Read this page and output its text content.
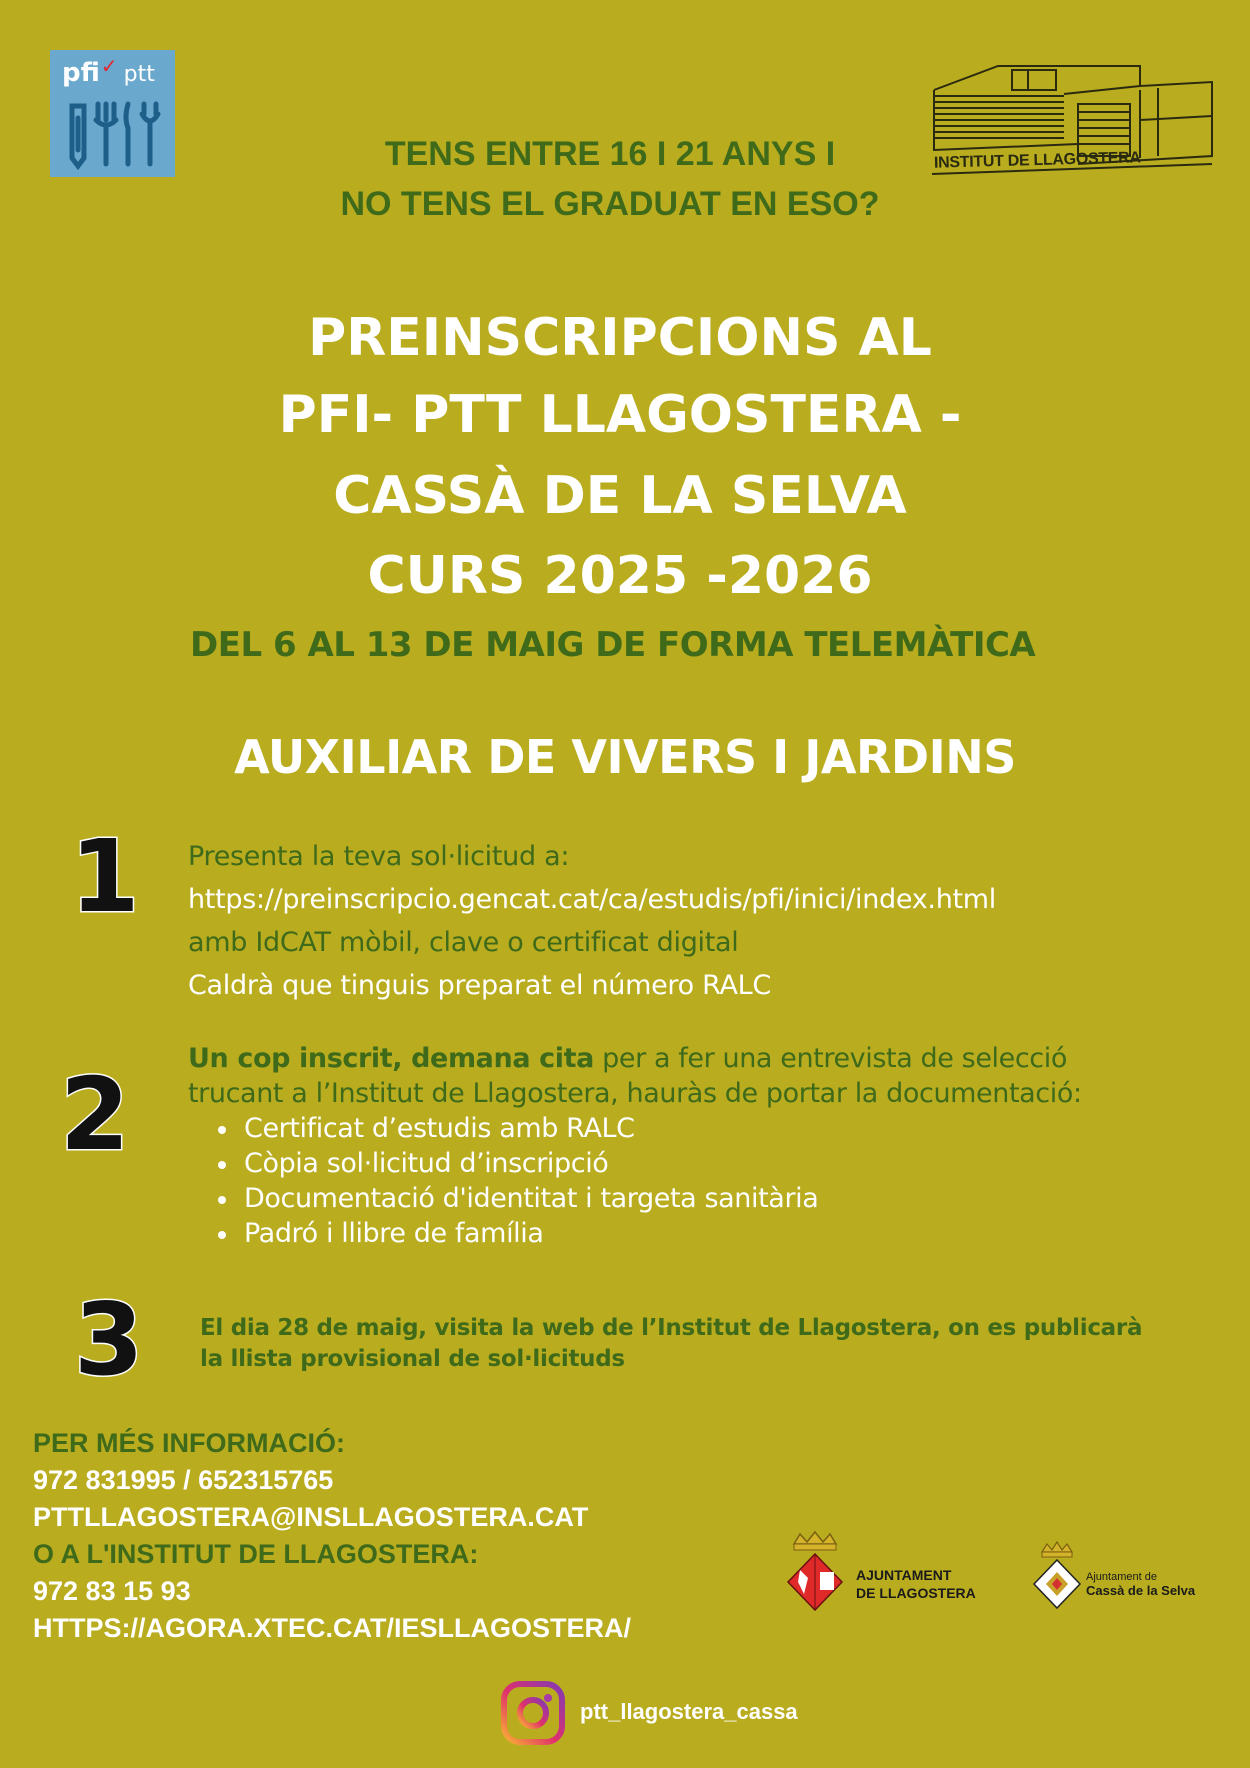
pfi✓ ptt
INSTITUT DE LLAGOSTERA
TENS ENTRE 16 I 21 ANYS I
NO TENS EL GRADUAT EN ESO?
PREINSCRIPCIONS AL
PFI- PTT LLAGOSTERA -
CASSÀ DE LA SELVA
CURS 2025 -2026
DEL 6 AL 13 DE MAIG DE FORMA TELEMÀTICA
AUXILIAR DE VIVERS I JARDINS
1 Presenta la teva sol·licitud a:
https://preinscripcio.gencat.cat/ca/estudis/pfi/inici/index.html
amb IdCAT mòbil, clave o certificat digital
Caldrà que tinguis preparat el número RALC
2 Un cop inscrit, demana cita per a fer una entrevista de selecció
trucant a l’Institut de Llagostera, hauràs de portar la documentació:
Certificat d’estudis amb RALC
Còpia sol·licitud d’inscripció
Documentació d'identitat i targeta sanitària
Padró i llibre de família
3 El dia 28 de maig, visita la web de l’Institut de Llagostera, on es publicarà
la llista provisional de sol·licituds
PER MÉS INFORMACIÓ:
972 831995 / 652315765
PTTLLAGOSTERA@INSLLAGOSTERA.CAT
O A L'INSTITUT DE LLAGOSTERA:
972 83 15 93
HTTPS://AGORA.XTEC.CAT/IESLLAGOSTERA/
AJUNTAMENT
DE LLAGOSTERA
Ajuntament de
Cassà de la Selva
ptt_llagostera_cassa
